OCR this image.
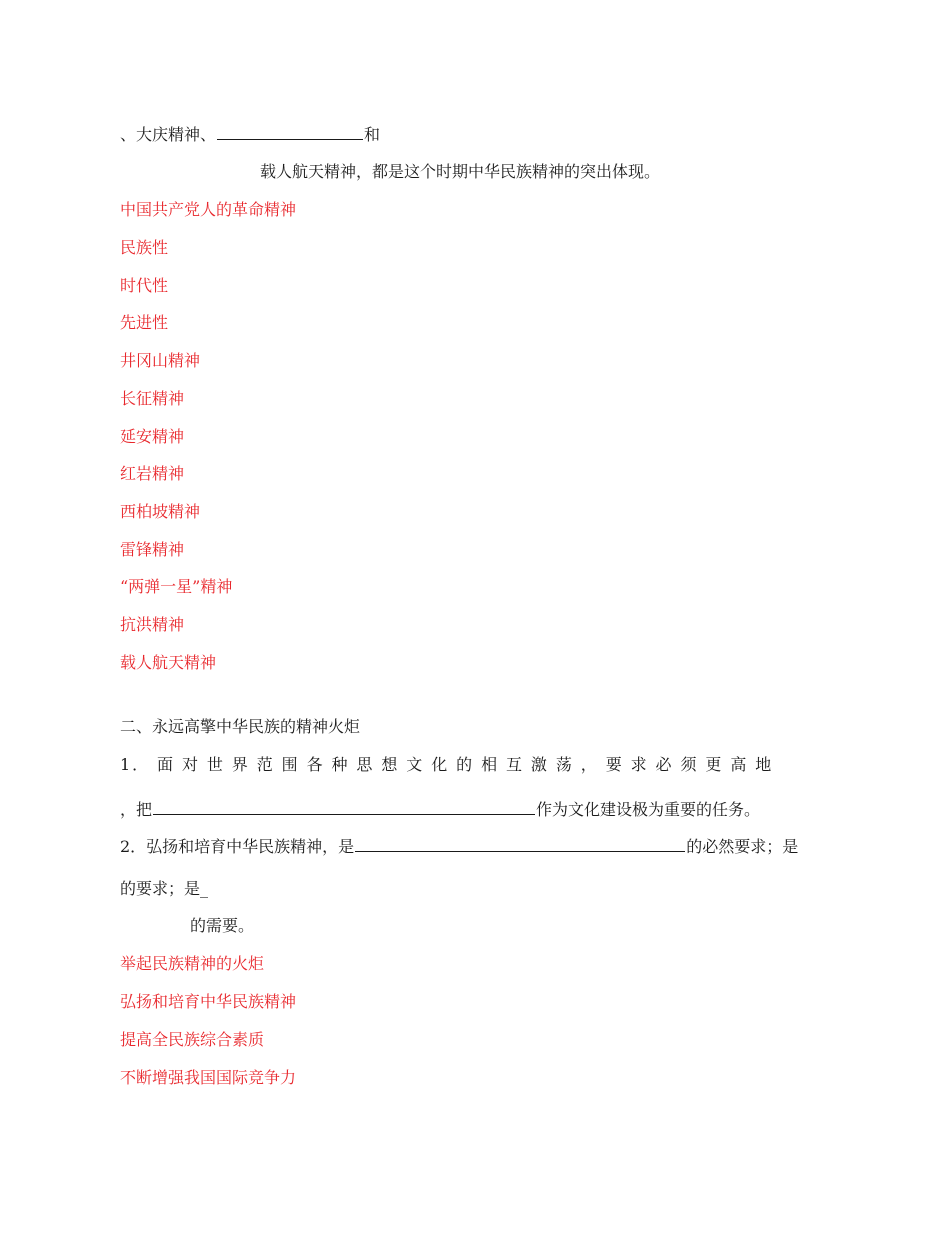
、大庆精神、	和
载人航天精神，都是这个时期中华民族精神的突出体现。
中国共产党人的革命精神
民族性
时代性
先进性
井冈山精神
长征精神
延安精神
红岩精神
西柏坡精神
雷锋精神
“两弹一星”精神
抗洪精神
载人航天精神
二、永远高擎中华民族的精神火炬
1． 面 对 世 界 范 围 各 种 思 想 文 化 的 相 互 激 荡 ， 要 求 必 须 更 高 地
，把	作为文化建设极为重要的任务。
2．弘扬和培育中华民族精神，是	的必然要求；是
的要求；是_
的需要。
举起民族精神的火炬
弘扬和培育中华民族精神
提高全民族综合素质
不断增强我国国际竞争力
